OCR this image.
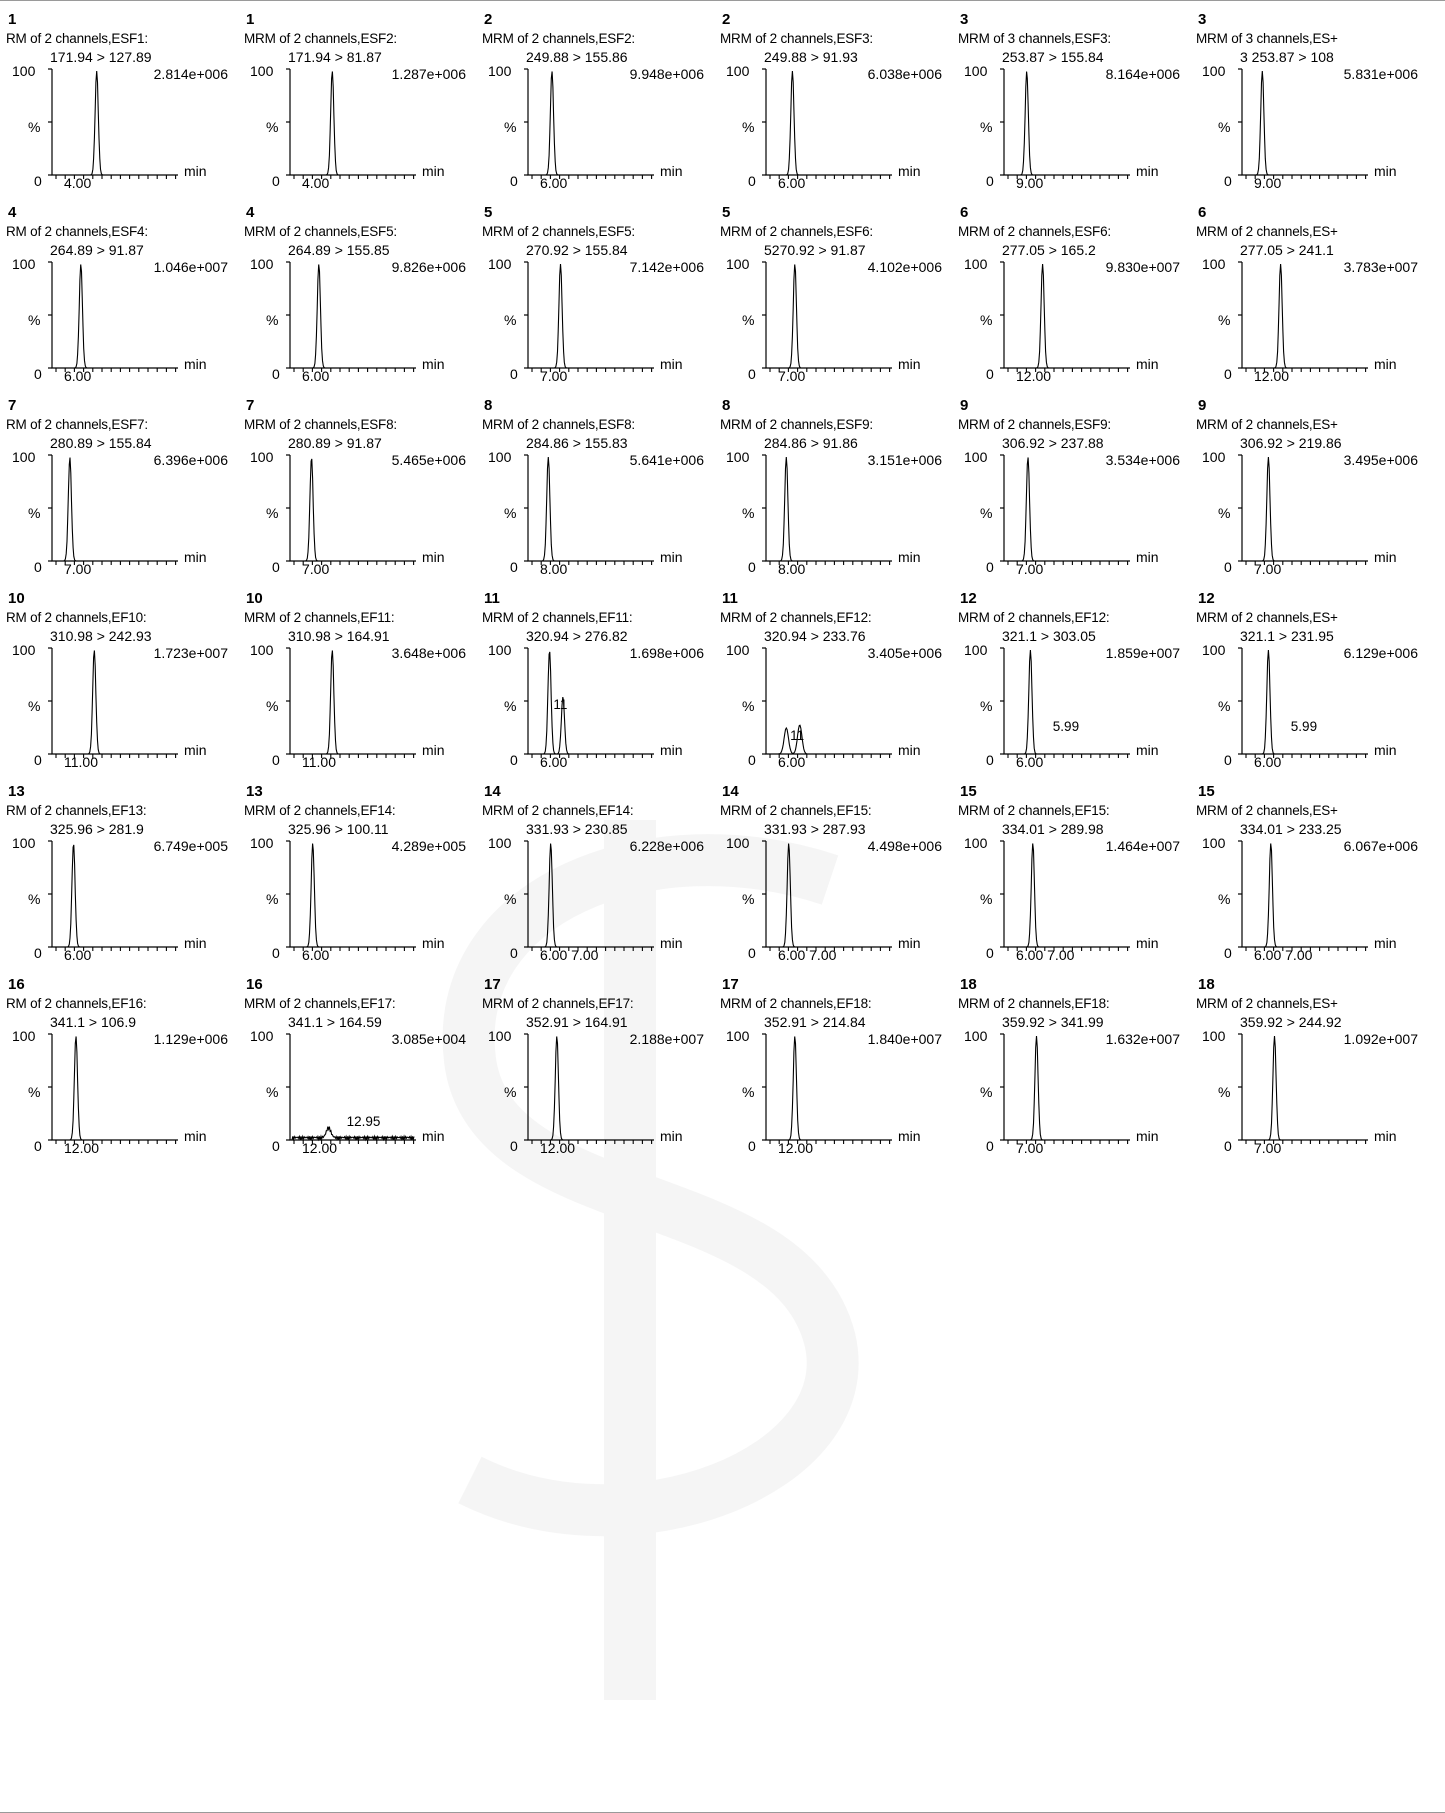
1
RM of 2 channels,ESF1:
171.94 > 127.89
2.814e+006
100
%
0 4.00
min
1
MRM of 2 channels,ESF2:
171.94 > 81.87
1.287e+006
100
%
0 4.00
min
2
MRM of 2 channels,ESF2:
249.88 > 155.86
9.948e+006
100
%
0 6.00
min
2
MRM of 2 channels,ESF3:
249.88 > 91.93
6.038e+006
100
%
0 6.00
min
3
MRM of 3 channels,ESF3:
253.87 > 155.84
8.164e+006
100
%
0 9.00
min
3
MRM of 3 channels,ES+
3 253.87 > 108
5.831e+006
100
%
0 9.00
min
4
RM of 2 channels,ESF4:
264.89 > 91.87
1.046e+007
100
%
0 6.00
min
4
MRM of 2 channels,ESF5:
264.89 > 155.85
9.826e+006
100
%
0 6.00
min
5
MRM of 2 channels,ESF5:
270.92 > 155.84
7.142e+006
100
%
0 7.00
min
5
MRM of 2 channels,ESF6:
5270.92 > 91.87
4.102e+006
100
%
0 7.00
min
6
MRM of 2 channels,ESF6:
277.05 > 165.2
9.830e+007
100
%
0 12.00
min
6
MRM of 2 channels,ES+
277.05 > 241.1
3.783e+007
100
%
0 12.00
min
7
RM of 2 channels,ESF7:
280.89 > 155.84
6.396e+006
100
%
0 7.00
min
7
MRM of 2 channels,ESF8:
280.89 > 91.87
5.465e+006
100
%
0 7.00
min
8
MRM of 2 channels,ESF8:
284.86 > 155.83
5.641e+006
100
%
0 8.00
min
8
MRM of 2 channels,ESF9:
284.86 > 91.86
3.151e+006
100
%
0 8.00
min
9
MRM of 2 channels,ESF9:
306.92 > 237.88
3.534e+006
100
%
0 7.00
min
9
MRM of 2 channels,ES+
306.92 > 219.86
3.495e+006
100
%
0 7.00
min
10
RM of 2 channels,EF10:
310.98 > 242.93
1.723e+007
100
%
0 11.00
min
10
MRM of 2 channels,EF11:
310.98 > 164.91
3.648e+006
100
%
0 11.00
min
11
MRM of 2 channels,EF11:
320.94 > 276.82
1.698e+006
100
%
0
11
6.00
min
11
MRM of 2 channels,EF12:
320.94 > 233.76
3.405e+006
100
%
0
11
6.00
min
12
MRM of 2 channels,EF12:
321.1 > 303.05
1.859e+007
100
%
0
5.99
6.00
min
12
MRM of 2 channels,ES+
321.1 > 231.95
6.129e+006
100
%
0
5.99
6.00
min
13
RM of 2 channels,EF13:
325.96 > 281.9
6.749e+005
100
%
0 6.00
min
13
MRM of 2 channels,EF14:
325.96 > 100.11
4.289e+005
100
%
0 6.00
min
14
MRM of 2 channels,EF14:
331.93 > 230.85
6.228e+006
100
%
0 6.00 7.00
min
14
MRM of 2 channels,EF15:
331.93 > 287.93
4.498e+006
100
%
0 6.00 7.00
min
15
MRM of 2 channels,EF15:
334.01 > 289.98
1.464e+007
100
%
0 6.00 7.00
min
15
MRM of 2 channels,ES+
334.01 > 233.25
6.067e+006
100
%
0 6.00 7.00
min
16
RM of 2 channels,EF16:
341.1 > 106.9
1.129e+006
100
%
0 12.00
min
16
MRM of 2 channels,EF17:
341.1 > 164.59
3.085e+004
100
%
0
12.95
12.00
min
17
MRM of 2 channels,EF17:
352.91 > 164.91
2.188e+007
100
%
0 12.00
min
17
MRM of 2 channels,EF18:
352.91 > 214.84
1.840e+007
100
%
0 12.00
min
18
MRM of 2 channels,EF18:
359.92 > 341.99
1.632e+007
100
%
0 7.00
min
18
MRM of 2 channels,ES+
359.92 > 244.92
1.092e+007
100
%
0 7.00
min
